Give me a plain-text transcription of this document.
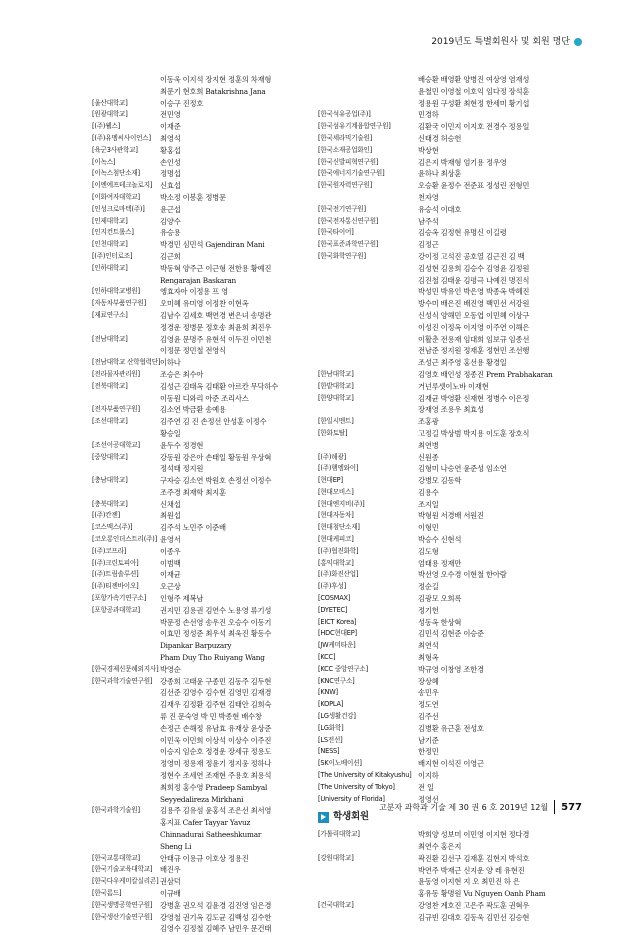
2019년도 특별회원사 및 회원 명단
이동욱 이지석 장지현 정훈의 차재형
최문기 현호희 Batakrishna Jana
[울산대학교]	이승구 진정호
[원광대학교]	전민영
[(주)웰스]	이재준
[(주)유멤씨사이언스]	최영석
[육군3사관학교]	황홍섭
[이녹스]	손인성
[이녹스첨단소재]	정명섭
[이엔에프테크놀로지]	신효섭
[이화여자대학교]	박소정 이봉훈 정병문
[인성크로마텍(주)]	윤근섭
[인제대학교]	김양수
[인지컨트롤스]	유승용
[인천대학교]	박경민 심민석 Gajendiran Mani
[(주)인터로조]	김근희
[인하대학교]	박동혁 양주근 이근형 전한용 황예진
Rengarajan Baskaran
[인하대학교병원]	엥효자아 이정용 프 영
[자동차부품연구원]	오미혜 유미영 이정찬 이현옥
[재료연구소]	김남수 김세호 백연경 변은녀 송명관
정경운 정병문 정호송 최윤희 최진우
[전남대학교]	김영윤 문명주 유현석 이두진 이민천
이정문 정민철 전영식
[전남대학교 산학협력단] 이하나
[전라물자관리원]	조승은 최수아
[전북대학교]	김성근 김태옥 김태환 아르칸 무닥하수
이동원 디와리 아준 조리사스
[전자부품연구원]	김소연 박금환 송예용
[조선대학교]	김주연 김 진 손정선 안성훈 이정수
황승일
[조선이공대학교]	윤두수 정경현
[중앙대학교]	강동원 강은아 손태일 황동원 우상혁
정석태 정지원
[충남대학교]	구자승 김소연 박원호 손정선 이정수
조주경 최재학 최지훈
[충북대학교]	신채섭
[(주)칸젠]	최원섭
[코스맥스(주)]	김주석 노민주 이준배
[코오롱인더스트리(주)] 윤영서
[(주)코프라]	이종우
[(주)크린토피아]	이범백
[(주)트림솔루션]	이재균
[(주)티젠바이오]	오근상
[포항가속기연구소]	인형주 제복남
[포항공과대학교]	권지민 김용권 김연수 노용영 류기성
박문정 손선영 송우진 오승수 이동기
이효민 정성준 최우석 최욱진 황동수
Dipankar Barpuzary
Pham Duy Tho Ruiyang Wang
[한국경제신문해외지사] 박영순
[한국과학기술연구원]	강종희 고태윤 구종민 김동주 김두현
김선준 김영수 김수현 김영민 김재경
김재우 김정환 김주현 김태안 김희숙
류 진 문숙영 박 민 박종현 배수창
손정근 손해정 유남효 유재상 윤상준
이민욱 이민희 이상석 이상수 이주진
이승지 임순호 정경운 장세규 정용도
정영미 정용재 정윤기 정지웅 정하나
정현수 조세연 조재현 주용호 최용석
최희정 홍수영 Pradeep Sambyal
Seyyedalireza Mirkhani
[한국과학기술원]	김용주 김유섬 윤홍석 조은선 최서영
홍지표 Cafer Tayyar Yavuz
Chinnadurai Satheeshkumar
Sheng Li
[한국교통대학교]	안태규 이용규 이호상 정용진
[한국기술교육대학교]	배진우
[한국다우케미칼실리콘] 권삼덕
[한국롬드]	이규배
[한국생명공학연구원]	강병훈 권오석 김윤경 김진영 임은경
[한국생산기술연구원]	강영철 권기옥 김도균 김백성 김수한
김영수 김정철 김혜주 남민우 문건태
배승환 배영환 양병진 여상영 염재성
윤철민 이영철 이호익 임다정 장석훈
정용원 구성환 최현정 한세미 황기섭
[한국석유공업(주)]	민경하
[한국섬유기계융합연구원]	김환국 이민지 이지호 전경수 정용일
[한국세라믹기술원]	신태경 허승헌
[한국소재공업화인]	박상현
[한국신발피혁연구원]	김은지 박재형 엄기용 정우영
[한국에너지기술연구원]	윤하나 최상훈
[한국원자력연구원]	오승환 윤정수 전준표 정성린 전형민
천자영
[한국전기연구원]	유승석 이대호
[한국전자통신연구원]	남주석
[한국타이어]	김승옥 김정현 유명신 이길령
[한국표준과학연구원]	김정근
[한국화학연구원]	강이정 고석진 공호열 김근진 김 백
김성현 김용희 김승수 김영윤 김정원
김진철 김태윤 김평극 나예진 명진식
박성민 박유인 박은영 박종옥 박혜진
방수미 배은진 배진영 백민선 서강원
신성식 양해민 오동엽 이민혜 이상구
이성진 이정옥 이지영 이주연 이해은
이활춘 전용재 임대희 임보규 임종선
전남준 정지원 정재훈 정현민 조선행
조성근 최주영 홍선용 황경일
[한남대학교]	김영호 배인성 정종진 Prem Prabhakaran
[한밭대학교]	거넌루셋이노바 이재현
[한양대학교]	김재균 박영환 신재현 정병수 이은정
장재영 조용우 최효성
[한일시멘트]	조홍광
[한화토탈]	고정길 박상범 박지용 이도훈 장호식
최연병
[(주)해광]	신원종
[(주)햄엠와이]	김형미 나승연 윤준성 임소연
[현대EP]	강병모 김동학
[현대모비스]	김용수
[현대엔지비(주)]	조지일
[현대자동차]	박형원 서경배 서원진
[현대첨단소재]	이형민
[현대케피코]	박승수 신현석
[(주)협진화학]	김도형
[홍익대학교]	엄태용 정재만
[(주)화진산업]	박선영 오수경 이현철 한아람
[(주)후성]	정순길
[COSMAX]	김광모 오희록
[DYETEC]	정기헌
[EICT Korea]	성동옥 한상혁
[HDC현대EP]	김민석 김현준 이승준
[JW케미타운]	최연석
[KCC]	최형옥
[KCC 중앙연구소]	박규영 이창영 조한경
[KNC연구소]	장상혜
[KNW]	송민우
[KOPLA]	정도연
[LG생활건강]	김주선
[LG화학]	김병환 유근훈 전성호
[LS전선]	남기준
[NESS]	한정민
[SK이노베이션]	배지현 이석진 이영근
[The University of Kitakyushu] 이지하
[The University of Tokyo]	전 일
[University of Florida]	정영선
학생회원
[가톨릭대학교]	박희양 성보미 이민영 이지현 정다경
최연수 홍은지
[강원대학교]	곽진환 김선구 김재훈 김현지 박석호
박연주 박재근 신지운 양 레 유현진
윤동영 이지현 지 오 최민진 하 은
홍유동 황명원 Vu Nguyen Oanh Pham
[건국대학교]	강영찬 계호진 고은주 곽도훈 권혁우
김규빈 김대호 김동욱 김민선 김승현
고분자 과학과 기술 제 30 권 6 호 2019년 12월 577
